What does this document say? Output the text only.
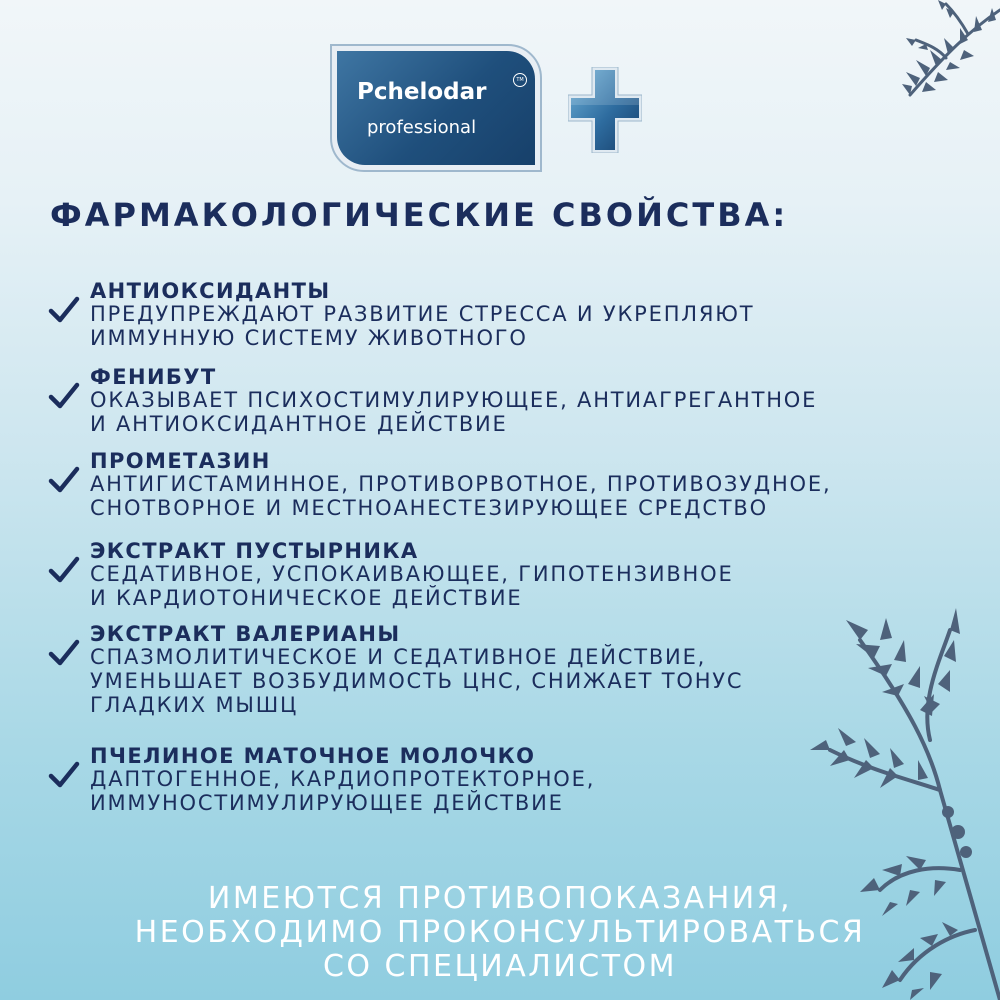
Pchelodar
professional
TM
ФАРМАКОЛОГИЧЕСКИЕ СВОЙСТВА:
АНТИОКСИДАНТЫ
ПРЕДУПРЕЖДАЮТ РАЗВИТИЕ СТРЕССА И УКРЕПЛЯЮТ
ИММУННУЮ СИСТЕМУ ЖИВОТНОГО
ФЕНИБУТ
ОКАЗЫВАЕТ ПСИХОСТИМУЛИРУЮЩЕЕ, АНТИАГРЕГАНТНОЕ
И АНТИОКСИДАНТНОЕ ДЕЙСТВИЕ
ПРОМЕТАЗИН
АНТИГИСТАМИННОЕ, ПРОТИВОРВОТНОЕ, ПРОТИВОЗУДНОЕ,
СНОТВОРНОЕ И МЕСТНОАНЕСТЕЗИРУЮЩЕЕ СРЕДСТВО
ЭКСТРАКТ ПУСТЫРНИКА
СЕДАТИВНОЕ, УСПОКАИВАЮЩЕЕ, ГИПОТЕНЗИВНОЕ
И КАРДИОТОНИЧЕСКОЕ ДЕЙСТВИЕ
ЭКСТРАКТ ВАЛЕРИАНЫ
СПАЗМОЛИТИЧЕСКОЕ И СЕДАТИВНОЕ ДЕЙСТВИЕ,
УМЕНЬШАЕТ ВОЗБУДИМОСТЬ ЦНС, СНИЖАЕТ ТОНУС
ГЛАДКИХ МЫШЦ
ПЧЕЛИНОЕ МАТОЧНОЕ МОЛОЧКО
ДАПТОГЕННОЕ, КАРДИОПРОТЕКТОРНОЕ,
ИММУНОСТИМУЛИРУЮЩЕЕ ДЕЙСТВИЕ
ИМЕЮТСЯ ПРОТИВОПОКАЗАНИЯ,
НЕОБХОДИМО ПРОКОНСУЛЬТИРОВАТЬСЯ
СО СПЕЦИАЛИСТОМ
